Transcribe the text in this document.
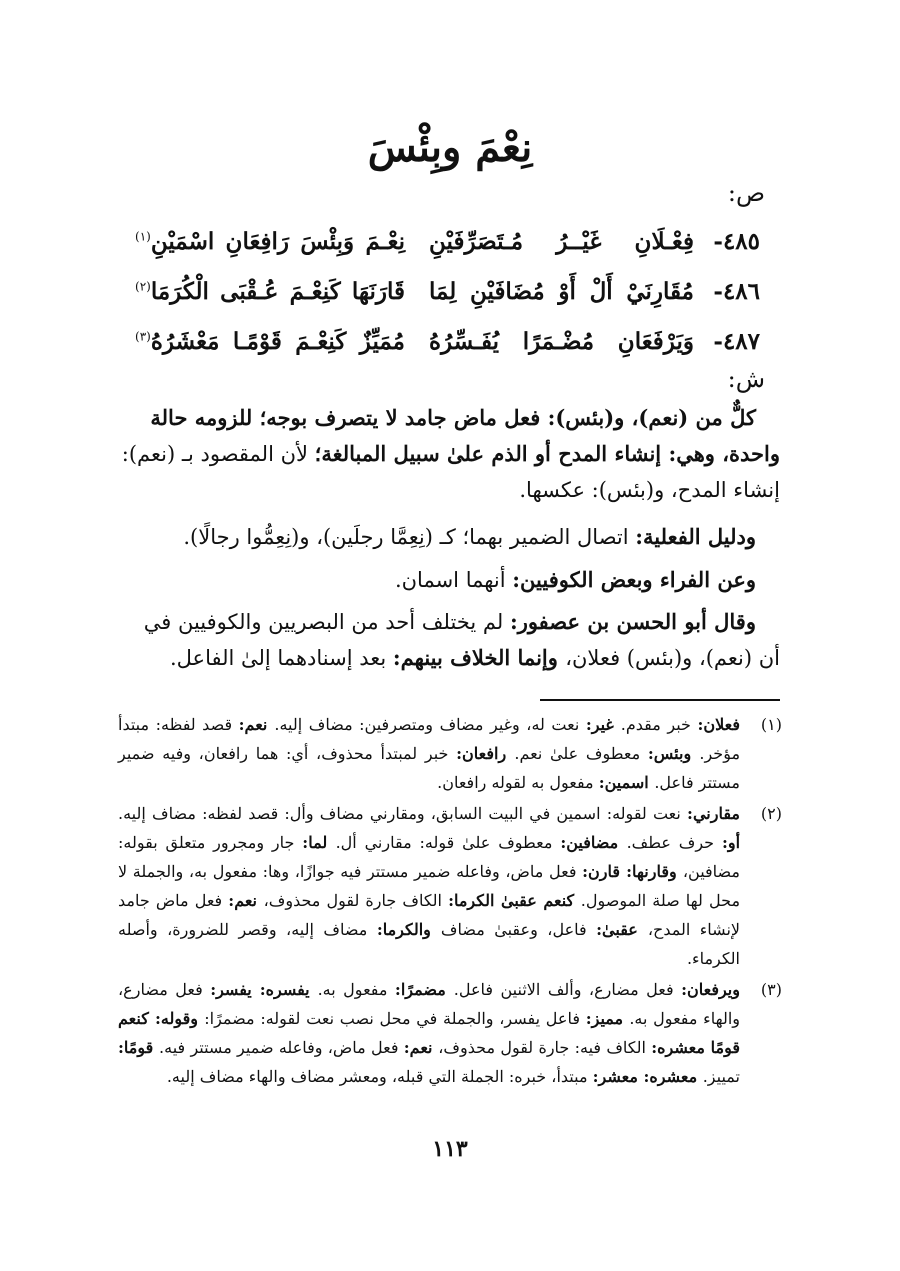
نِعْمَ وبِئْسَ
ص:
٤٨٥-
فِعْـلَانِ غَيْــرُ مُـتَصَرِّفَيْنِ
نِعْـمَ وَبِئْسَ رَافِعَانِ اسْمَيْنِ$^{(١)}$
٤٨٦-
مُقَارِنَيْ أَلْ أَوْ مُضَافَيْنِ لِمَا
قَارَنَهَا كَنِعْـمَ عُـقْبَى الْكُرَمَا$^{(٢)}$
٤٨٧-
وَيَرْفَعَانِ مُضْـمَرًا يُفَـسِّرُهُ
مُمَيِّزٌ كَنِعْـمَ قَوْمًـا مَعْشَرُهُ$^{(٣)}$
ش:

كلٌّ من (نعم)، و(بئس): فعل ماض جامد لا يتصرف بوجه؛ للزومه حالة واحدة، وهي: إنشاء المدح أو الذم علىٰ سبيل المبالغة؛ لأن المقصود بـ (نعم): إنشاء المدح، و(بئس): عكسها.

ودليل الفعلية: اتصال الضمير بهما؛ كـ (نِعِمَّا رجلَين)، و(نِعِمُّوا رجالًا).

وعن الفراء وبعض الكوفيين: أنهما اسمان.

وقال أبو الحسن بن عصفور: لم يختلف أحد من البصريين والكوفيين في أن (نعم)، و(بئس) فعلان، وإنما الخلاف بينهم: بعد إسنادهما إلىٰ الفاعل.

(١)
فعلان: خبر مقدم. غير: نعت له، وغير مضاف ومتصرفين: مضاف إليه. نعم: قصد لفظه: مبتدأ مؤخر. وبئس: معطوف علىٰ نعم. رافعان: خبر لمبتدأ محذوف، أي: هما رافعان، وفيه ضمير مستتر فاعل. اسمين: مفعول به لقوله رافعان.
(٢)
مقارني: نعت لقوله: اسمين في البيت السابق، ومقارني مضاف وأل: قصد لفظه: مضاف إليه. أو: حرف عطف. مضافين: معطوف علىٰ قوله: مقارني أل. لما: جار ومجرور متعلق بقوله: مضافين، وقارنها: قارن: فعل ماض، وفاعله ضمير مستتر فيه جوازًا، وها: مفعول به، والجملة لا محل لها صلة الموصول. كنعم عقبىٰ الكرما: الكاف جارة لقول محذوف، نعم: فعل ماض جامد لإنشاء المدح، عقبىٰ: فاعل، وعقبىٰ مضاف والكرما: مضاف إليه، وقصر للضرورة، وأصله الكرماء.
(٣)
ويرفعان: فعل مضارع، وألف الاثنين فاعل. مضمرًا: مفعول به. يفسره: يفسر: فعل مضارع، والهاء مفعول به. مميز: فاعل يفسر، والجملة في محل نصب نعت لقوله: مضمرًا: وقوله: كنعم قومًا معشره: الكاف فيه: جارة لقول محذوف، نعم: فعل ماض، وفاعله ضمير مستتر فيه. قومًا: تمييز. معشره: معشر: مبتدأ، خبره: الجملة التي قبله، ومعشر مضاف والهاء مضاف إليه.
١١٣
